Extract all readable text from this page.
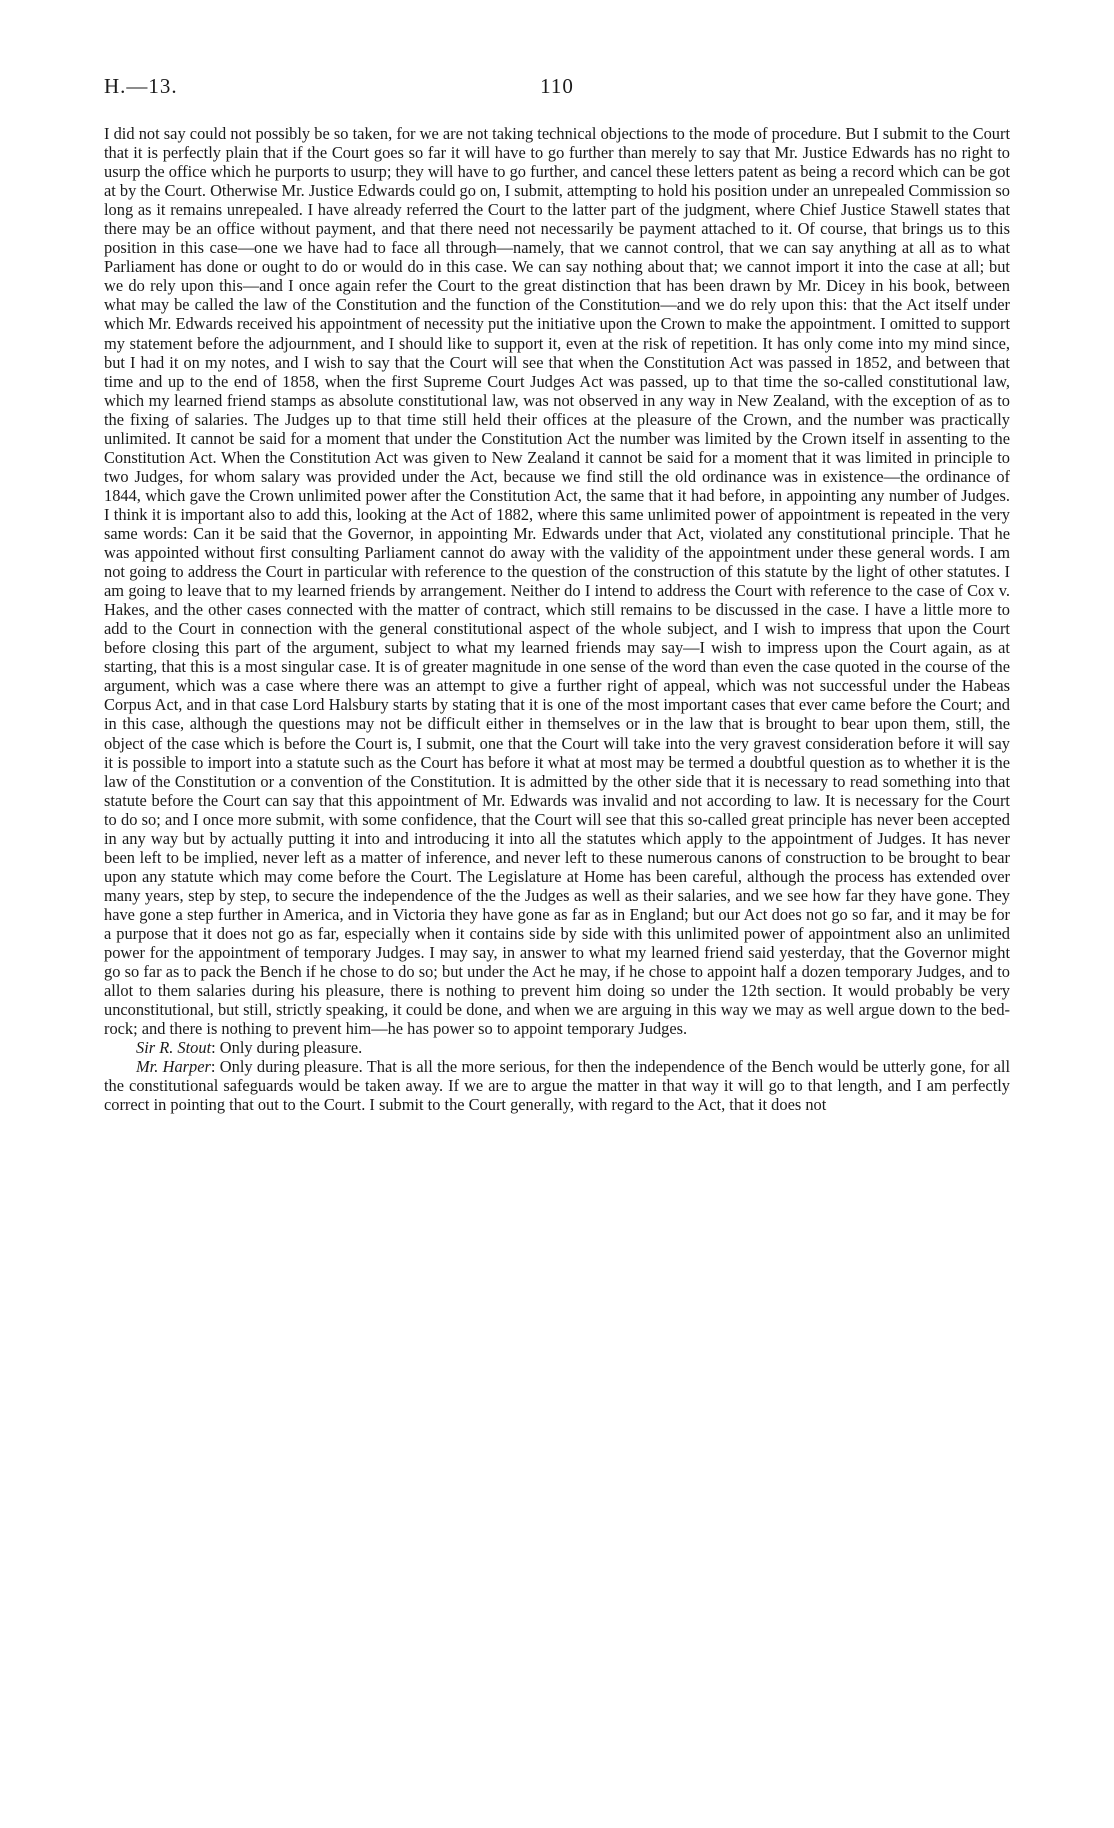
H.—13.	110

I did not say could not possibly be so taken, for we are not taking technical objections to the mode of procedure. But I submit to the Court that it is perfectly plain that if the Court goes so far it will have to go further than merely to say that Mr. Justice Edwards has no right to usurp the office which he purports to usurp; they will have to go further, and cancel these letters patent as being a record which can be got at by the Court. Otherwise Mr. Justice Edwards could go on, I submit, attempting to hold his position under an unrepealed Commission so long as it remains unrepealed. I have already referred the Court to the latter part of the judgment, where Chief Justice Stawell states that there may be an office without payment, and that there need not necessarily be payment attached to it. Of course, that brings us to this position in this case—one we have had to face all through—namely, that we cannot control, that we can say anything at all as to what Parliament has done or ought to do or would do in this case. We can say nothing about that; we cannot import it into the case at all; but we do rely upon this—and I once again refer the Court to the great distinction that has been drawn by Mr. Dicey in his book, between what may be called the law of the Constitution and the function of the Constitution—and we do rely upon this: that the Act itself under which Mr. Edwards received his appointment of necessity put the initiative upon the Crown to make the appointment. I omitted to support my statement before the adjournment, and I should like to support it, even at the risk of repetition. It has only come into my mind since, but I had it on my notes, and I wish to say that the Court will see that when the Constitution Act was passed in 1852, and between that time and up to the end of 1858, when the first Supreme Court Judges Act was passed, up to that time the so-called constitutional law, which my learned friend stamps as absolute constitutional law, was not observed in any way in New Zealand, with the exception of as to the fixing of salaries. The Judges up to that time still held their offices at the pleasure of the Crown, and the number was practically unlimited. It cannot be said for a moment that under the Constitution Act the number was limited by the Crown itself in assenting to the Constitution Act. When the Constitution Act was given to New Zealand it cannot be said for a moment that it was limited in principle to two Judges, for whom salary was provided under the Act, because we find still the old ordinance was in existence—the ordinance of 1844, which gave the Crown unlimited power after the Constitution Act, the same that it had before, in appointing any number of Judges. I think it is important also to add this, looking at the Act of 1882, where this same unlimited power of appointment is repeated in the very same words: Can it be said that the Governor, in appointing Mr. Edwards under that Act, violated any constitutional principle. That he was appointed without first consulting Parliament cannot do away with the validity of the appointment under these general words. I am not going to address the Court in particular with reference to the question of the construction of this statute by the light of other statutes. I am going to leave that to my learned friends by arrangement. Neither do I intend to address the Court with reference to the case of Cox v. Hakes, and the other cases connected with the matter of contract, which still remains to be discussed in the case. I have a little more to add to the Court in connection with the general constitutional aspect of the whole subject, and I wish to impress that upon the Court before closing this part of the argument, subject to what my learned friends may say—I wish to impress upon the Court again, as at starting, that this is a most singular case. It is of greater magnitude in one sense of the word than even the case quoted in the course of the argument, which was a case where there was an attempt to give a further right of appeal, which was not successful under the Habeas Corpus Act, and in that case Lord Halsbury starts by stating that it is one of the most important cases that ever came before the Court; and in this case, although the questions may not be difficult either in themselves or in the law that is brought to bear upon them, still, the object of the case which is before the Court is, I submit, one that the Court will take into the very gravest consideration before it will say it is possible to import into a statute such as the Court has before it what at most may be termed a doubtful question as to whether it is the law of the Constitution or a convention of the Constitution. It is admitted by the other side that it is necessary to read something into that statute before the Court can say that this appointment of Mr. Edwards was invalid and not according to law. It is necessary for the Court to do so; and I once more submit, with some confidence, that the Court will see that this so-called great principle has never been accepted in any way but by actually putting it into and introducing it into all the statutes which apply to the appointment of Judges. It has never been left to be implied, never left as a matter of inference, and never left to these numerous canons of construction to be brought to bear upon any statute which may come before the Court. The Legislature at Home has been careful, although the process has extended over many years, step by step, to secure the independence of the the Judges as well as their salaries, and we see how far they have gone. They have gone a step further in America, and in Victoria they have gone as far as in England; but our Act does not go so far, and it may be for a purpose that it does not go as far, especially when it contains side by side with this unlimited power of appointment also an unlimited power for the appointment of temporary Judges. I may say, in answer to what my learned friend said yesterday, that the Governor might go so far as to pack the Bench if he chose to do so; but under the Act he may, if he chose to appoint half a dozen temporary Judges, and to allot to them salaries during his pleasure, there is nothing to prevent him doing so under the 12th section. It would probably be very unconstitutional, but still, strictly speaking, it could be done, and when we are arguing in this way we may as well argue down to the bed-rock; and there is nothing to prevent him—he has power so to appoint temporary Judges.

Sir R. Stout: Only during pleasure.

Mr. Harper: Only during pleasure. That is all the more serious, for then the independence of the Bench would be utterly gone, for all the constitutional safeguards would be taken away. If we are to argue the matter in that way it will go to that length, and I am perfectly correct in pointing that out to the Court. I submit to the Court generally, with regard to the Act, that it does not
